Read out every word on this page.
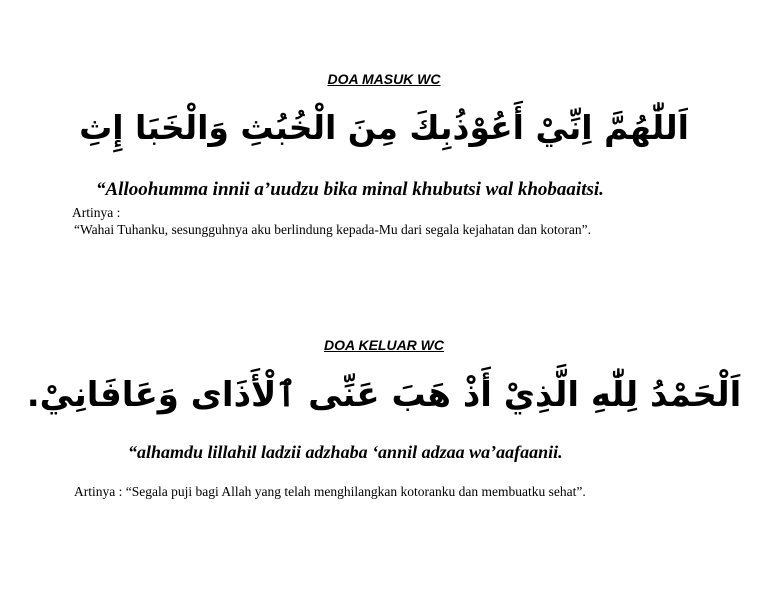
DOA MASUK WC
اَللّٰهُمَّ اِنِّيْ أَعُوْذُبِكَ مِنَ الْخُبُثِ وَالْخَبَا إِثِ
“Alloohumma innii a’uudzu bika minal khubutsi wal khobaaitsi.
Artinya :
“Wahai Tuhanku, sesungguhnya aku berlindung kepada-Mu dari segala kejahatan dan kotoran”.
DOA KELUAR WC
اَلْحَمْدُ لِلّٰهِ الَّذِيْ أَذْ هَبَ عَنِّى ٱلْأَذَاى وَعَافَانِيْ.
“alhamdu lillahil ladzii adzhaba ‘annil adzaa wa’aafaanii.
Artinya : “Segala puji bagi Allah yang telah menghilangkan kotoranku dan membuatku sehat”.
